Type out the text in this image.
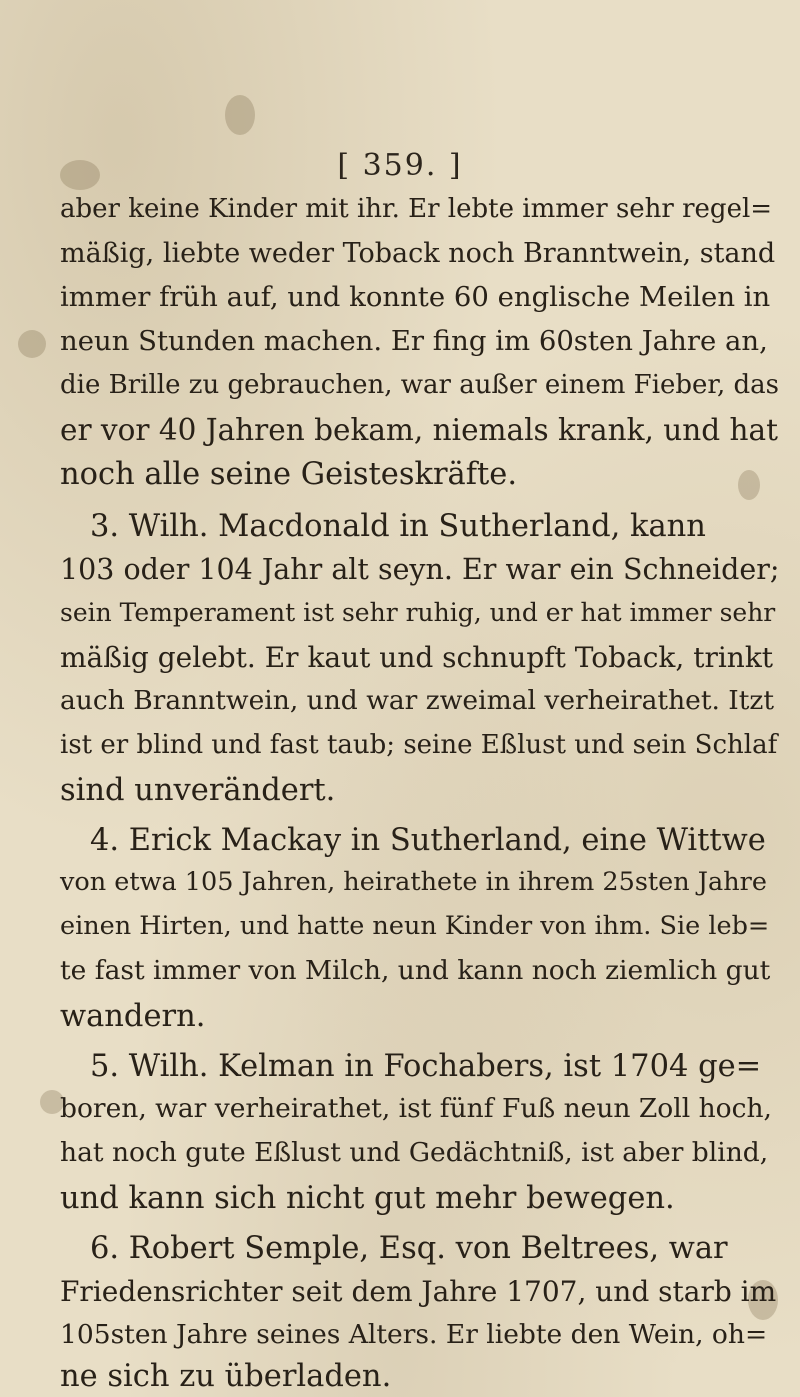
[ 359. ]
aber keine Kinder mit ihr. Er lebte immer sehr regel=
mäßig, liebte weder Toback noch Branntwein, stand
immer früh auf, und konnte 60 englische Meilen in
neun Stunden machen. Er fing im 60sten Jahre an,
die Brille zu gebrauchen, war außer einem Fieber, das
er vor 40 Jahren bekam, niemals krank, und hat
noch alle seine Geisteskräfte.
3. Wilh. Macdonald in Sutherland, kann
103 oder 104 Jahr alt seyn. Er war ein Schneider;
sein Temperament ist sehr ruhig, und er hat immer sehr
mäßig gelebt. Er kaut und schnupft Toback, trinkt
auch Branntwein, und war zweimal verheirathet. Itzt
ist er blind und fast taub; seine Eßlust und sein Schlaf
sind unverändert.
4. Erick Mackay in Sutherland, eine Wittwe
von etwa 105 Jahren, heirathete in ihrem 25sten Jahre
einen Hirten, und hatte neun Kinder von ihm. Sie leb=
te fast immer von Milch, und kann noch ziemlich gut
wandern.
5. Wilh. Kelman in Fochabers, ist 1704 ge=
boren, war verheirathet, ist fünf Fuß neun Zoll hoch,
hat noch gute Eßlust und Gedächtniß, ist aber blind,
und kann sich nicht gut mehr bewegen.
6. Robert Semple, Esq. von Beltrees, war
Friedensrichter seit dem Jahre 1707, und starb im
105sten Jahre seines Alters. Er liebte den Wein, oh=
ne sich zu überladen.
